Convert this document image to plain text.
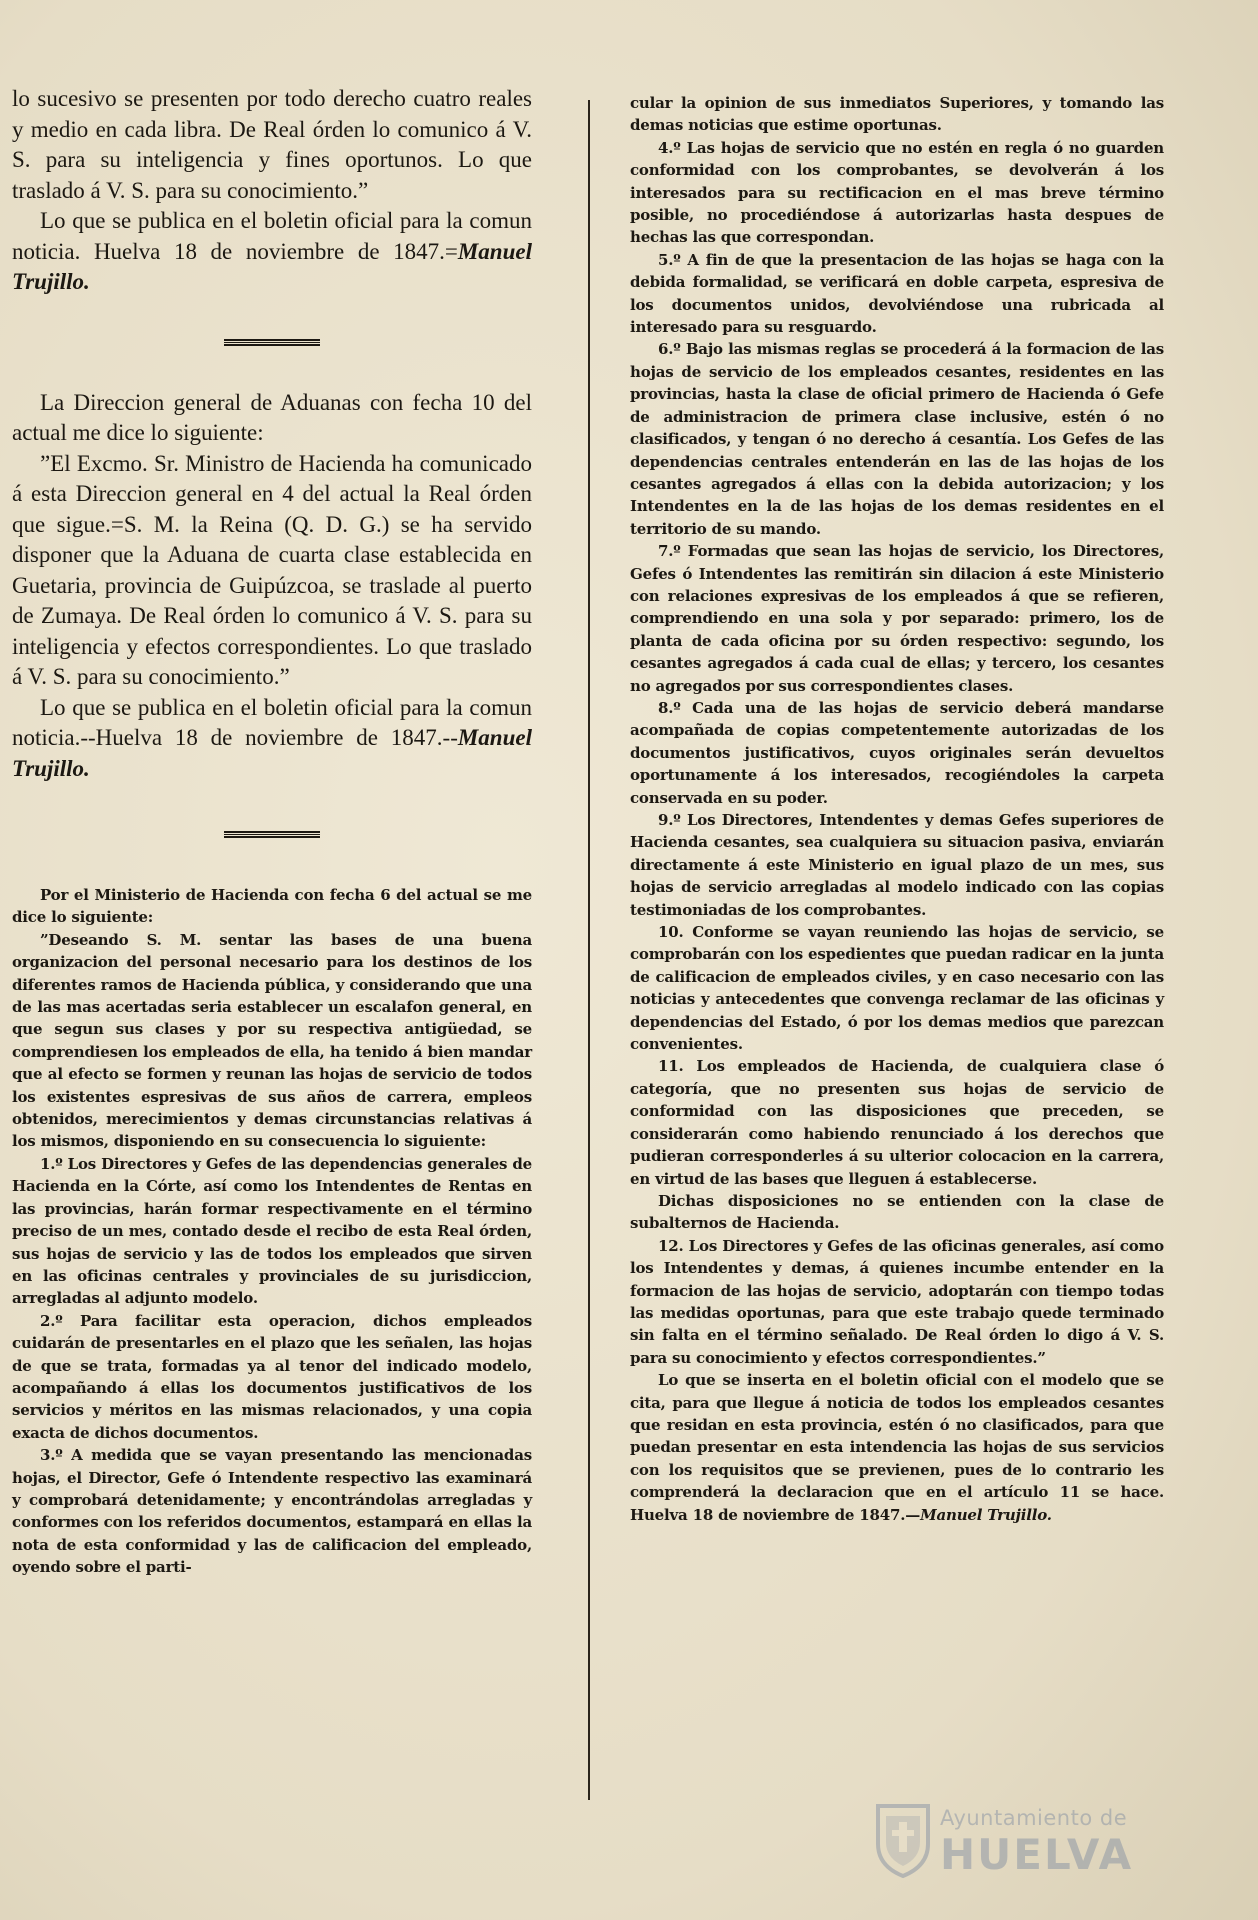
lo sucesivo se presenten por todo derecho cuatro reales y medio en cada libra. De Real órden lo comunico á V. S. para su inteligencia y fines oportunos. Lo que traslado á V. S. para su conocimiento.”

Lo que se publica en el boletin oficial para la comun noticia. Huelva 18 de noviembre de 1847.=Manuel Trujillo.

La Direccion general de Aduanas con fecha 10 del actual me dice lo siguiente:

”El Excmo. Sr. Ministro de Hacienda ha comunicado á esta Direccion general en 4 del actual la Real órden que sigue.=S. M. la Reina (Q. D. G.) se ha servido disponer que la Aduana de cuarta clase establecida en Guetaria, provincia de Guipúzcoa, se traslade al puerto de Zumaya. De Real órden lo comunico á V. S. para su inteligencia y efectos correspondientes. Lo que traslado á V. S. para su conocimiento.”

Lo que se publica en el boletin oficial para la comun noticia.--Huelva 18 de noviembre de 1847.--Manuel Trujillo.

Por el Ministerio de Hacienda con fecha 6 del actual se me dice lo siguiente:

”Deseando S. M. sentar las bases de una buena organizacion del personal necesario para los destinos de los diferentes ramos de Hacienda pública, y considerando que una de las mas acertadas seria establecer un escalafon general, en que segun sus clases y por su respectiva antigüedad, se comprendiesen los empleados de ella, ha tenido á bien mandar que al efecto se formen y reunan las hojas de servicio de todos los existentes espresivas de sus años de carrera, empleos obtenidos, merecimientos y demas circunstancias relativas á los mismos, disponiendo en su consecuencia lo siguiente:

1.º Los Directores y Gefes de las dependencias generales de Hacienda en la Córte, así como los Intendentes de Rentas en las provincias, harán formar respectivamente en el término preciso de un mes, contado desde el recibo de esta Real órden, sus hojas de servicio y las de todos los empleados que sirven en las oficinas centrales y provinciales de su jurisdiccion, arregladas al adjunto modelo.

2.º Para facilitar esta operacion, dichos empleados cuidarán de presentarles en el plazo que les señalen, las hojas de que se trata, formadas ya al tenor del indicado modelo, acompañando á ellas los documentos justificativos de los servicios y méritos en las mismas relacionados, y una copia exacta de dichos documentos.

3.º A medida que se vayan presentando las mencionadas hojas, el Director, Gefe ó Intendente respectivo las examinará y comprobará detenidamente; y encontrándolas arregladas y conformes con los referidos documentos, estampará en ellas la nota de esta conformidad y las de calificacion del empleado, oyendo sobre el parti-

cular la opinion de sus inmediatos Superiores, y tomando las demas noticias que estime oportunas.

4.º Las hojas de servicio que no estén en regla ó no guarden conformidad con los comprobantes, se devolverán á los interesados para su rectificacion en el mas breve término posible, no procediéndose á autorizarlas hasta despues de hechas las que correspondan.

5.º A fin de que la presentacion de las hojas se haga con la debida formalidad, se verificará en doble carpeta, espresiva de los documentos unidos, devolviéndose una rubricada al interesado para su resguardo.

6.º Bajo las mismas reglas se procederá á la formacion de las hojas de servicio de los empleados cesantes, residentes en las provincias, hasta la clase de oficial primero de Hacienda ó Gefe de administracion de primera clase inclusive, estén ó no clasificados, y tengan ó no derecho á cesantía. Los Gefes de las dependencias centrales entenderán en las de las hojas de los cesantes agregados á ellas con la debida autorizacion; y los Intendentes en la de las hojas de los demas residentes en el territorio de su mando.

7.º Formadas que sean las hojas de servicio, los Directores, Gefes ó Intendentes las remitirán sin dilacion á este Ministerio con relaciones expresivas de los empleados á que se refieren, comprendiendo en una sola y por separado: primero, los de planta de cada oficina por su órden respectivo: segundo, los cesantes agregados á cada cual de ellas; y tercero, los cesantes no agregados por sus correspondientes clases.

8.º Cada una de las hojas de servicio deberá mandarse acompañada de copias competentemente autorizadas de los documentos justificativos, cuyos originales serán devueltos oportunamente á los interesados, recogiéndoles la carpeta conservada en su poder.

9.º Los Directores, Intendentes y demas Gefes superiores de Hacienda cesantes, sea cualquiera su situacion pasiva, enviarán directamente á este Ministerio en igual plazo de un mes, sus hojas de servicio arregladas al modelo indicado con las copias testimoniadas de los comprobantes.

10. Conforme se vayan reuniendo las hojas de servicio, se comprobarán con los espedientes que puedan radicar en la junta de calificacion de empleados civiles, y en caso necesario con las noticias y antecedentes que convenga reclamar de las oficinas y dependencias del Estado, ó por los demas medios que parezcan convenientes.

11. Los empleados de Hacienda, de cualquiera clase ó categoría, que no presenten sus hojas de servicio de conformidad con las disposiciones que preceden, se considerarán como habiendo renunciado á los derechos que pudieran corresponderles á su ulterior colocacion en la carrera, en virtud de las bases que lleguen á establecerse.

Dichas disposiciones no se entienden con la clase de subalternos de Hacienda.

12. Los Directores y Gefes de las oficinas generales, así como los Intendentes y demas, á quienes incumbe entender en la formacion de las hojas de servicio, adoptarán con tiempo todas las medidas oportunas, para que este trabajo quede terminado sin falta en el término señalado. De Real órden lo digo á V. S. para su conocimiento y efectos correspondientes.”

Lo que se inserta en el boletin oficial con el modelo que se cita, para que llegue á noticia de todos los empleados cesantes que residan en esta provincia, estén ó no clasificados, para que puedan presentar en esta intendencia las hojas de sus servicios con los requisitos que se previenen, pues de lo contrario les comprenderá la declaracion que en el artículo 11 se hace. Huelva 18 de noviembre de 1847.—Manuel Trujillo.

Ayuntamiento de
HUELVA
